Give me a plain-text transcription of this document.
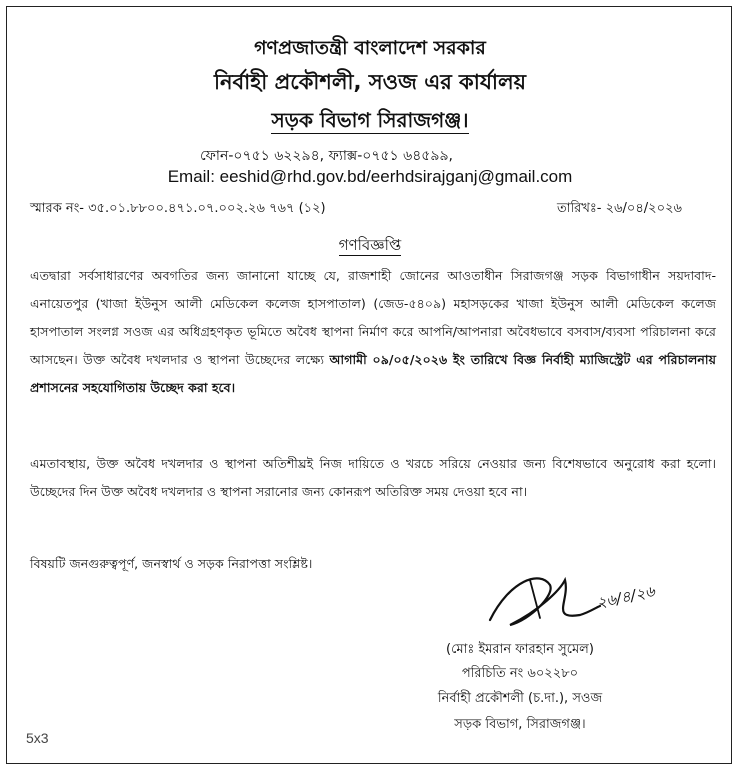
গণপ্রজাতন্ত্রী বাংলাদেশ সরকার
নির্বাহী প্রকৌশলী, সওজ এর কার্যালয়
সড়ক বিভাগ সিরাজগঞ্জ।
ফোন-০৭৫১ ৬২২৯৪, ফ্যাক্স-০৭৫১ ৬৪৫৯৯,
Email: eeshid@rhd.gov.bd/eerhdsirajganj@gmail.com
স্মারক নং- ৩৫.০১.৮৮০০.৪৭১.০৭.০০২.২৬ ৭৬৭ (১২)	তারিখঃ- ২৬/০৪/২০২৬
গণবিজ্ঞপ্তি
এতদ্বারা সর্বসাধারণের অবগতির জন্য জানানো যাচ্ছে যে, রাজশাহী জোনের আওতাধীন সিরাজগঞ্জ সড়ক বিভাগাধীন সয়দাবাদ-এনায়েতপুর (খাজা ইউনুস আলী মেডিকেল কলেজ হাসপাতাল) (জেড-৫৪০৯) মহাসড়কের খাজা ইউনুস আলী মেডিকেল কলেজ হাসপাতাল সংলগ্ন সওজ এর অধিগ্রহণকৃত ভূমিতে অবৈধ স্থাপনা নির্মাণ করে আপনি/আপনারা অবৈধভাবে বসবাস/ব্যবসা পরিচালনা করে আসছেন। উক্ত অবৈধ দখলদার ও স্থাপনা উচ্ছেদের লক্ষ্যে আগামী ০৯/০৫/২০২৬ ইং তারিখে বিজ্ঞ নির্বাহী ম্যাজিস্ট্রেট এর পরিচালনায় প্রশাসনের সহযোগিতায় উচ্ছেদ করা হবে।
এমতাবস্থায়, উক্ত অবৈধ দখলদার ও স্থাপনা অতিশীঘ্রই নিজ দায়িতে ও খরচে সরিয়ে নেওয়ার জন্য বিশেষভাবে অনুরোধ করা হলো। উচ্ছেদের দিন উক্ত অবৈধ দখলদার ও স্থাপনা সরানোর জন্য কোনরূপ অতিরিক্ত সময় দেওয়া হবে না।
বিষয়টি জনগুরুত্বপূর্ণ, জনস্বার্থ ও সড়ক নিরাপত্তা সংশ্লিষ্ট।
২৬/৪/২৬
(মোঃ ইমরান ফারহান সুমেল)
পরিচিতি নং ৬০২২৮০
নির্বাহী প্রকৌশলী (চ.দা.), সওজ
সড়ক বিভাগ, সিরাজগঞ্জ।
5x3
